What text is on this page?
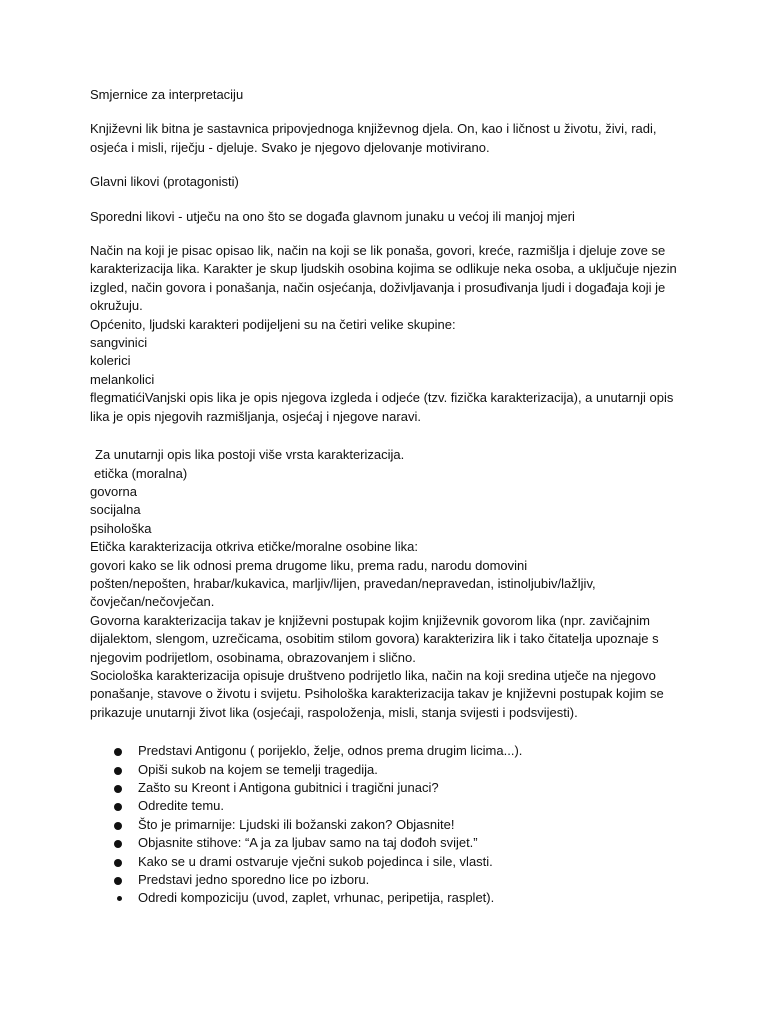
Smjernice za interpretaciju

Književni lik bitna je sastavnica pripovjednoga književnog djela. On, kao i ličnost u životu, živi, radi, osjeća i misli, riječju - djeluje. Svako je njegovo djelovanje motivirano.

Glavni likovi (protagonisti)

Sporedni likovi - utječu na ono što se događa glavnom junaku u većoj ili manjoj mjeri

Način na koji je pisac opisao lik, način na koji se lik ponaša, govori, kreće, razmišlja i djeluje zove se karakterizacija lika. Karakter je skup ljudskih osobina kojima se odlikuje neka osoba, a uključuje njezin izgled, način govora i ponašanja, način osjećanja, doživljavanja i prosuđivanja ljudi i događaja koji je okružuju.

Općenito, ljudski karakteri podijeljeni su na četiri velike skupine:

sangvinici

kolerici

melankolici

flegmatićiVanjski opis lika je opis njegova izgleda i odjeće (tzv. fizička karakterizacija), a unutarnji opis lika je opis njegovih razmišljanja, osjećaj i njegove naravi.

Za unutarnji opis lika postoji više vrsta karakterizacija.

etička (moralna)

govorna

socijalna

psihološka

Etička karakterizacija otkriva etičke/moralne osobine lika:

govori kako se lik odnosi prema drugome liku, prema radu, narodu domovini

pošten/nepošten, hrabar/kukavica, marljiv/lijen, pravedan/nepravedan, istinoljubiv/lažljiv, čovječan/nečovječan.

Govorna karakterizacija takav je književni postupak kojim književnik govorom lika (npr. zavičajnim dijalektom, slengom, uzrečicama, osobitim stilom govora) karakterizira lik i tako čitatelja upoznaje s njegovim podrijetlom, osobinama, obrazovanjem i slično.

Sociološka karakterizacija opisuje društveno podrijetlo lika, način na koji sredina utječe na njegovo ponašanje, stavove o životu i svijetu. Psihološka karakterizacija takav je književni postupak kojim se prikazuje unutarnji život lika (osjećaji, raspoloženja, misli, stanja svijesti i podsvijesti).

Predstavi Antigonu ( porijeklo, želje, odnos prema drugim licima...).
Opiši sukob na kojem se temelji tragedija.
Zašto su Kreont i Antigona gubitnici i tragični junaci?
Odredite temu.
Što je primarnije: Ljudski ili božanski zakon? Objasnite!
Objasnite stihove: “A ja za ljubav samo na taj dođoh svijet.”
Kako se u drami ostvaruje vječni sukob pojedinca i sile, vlasti.
Predstavi jedno sporedno lice po izboru.
Odredi kompoziciju (uvod, zaplet, vrhunac, peripetija, rasplet).
